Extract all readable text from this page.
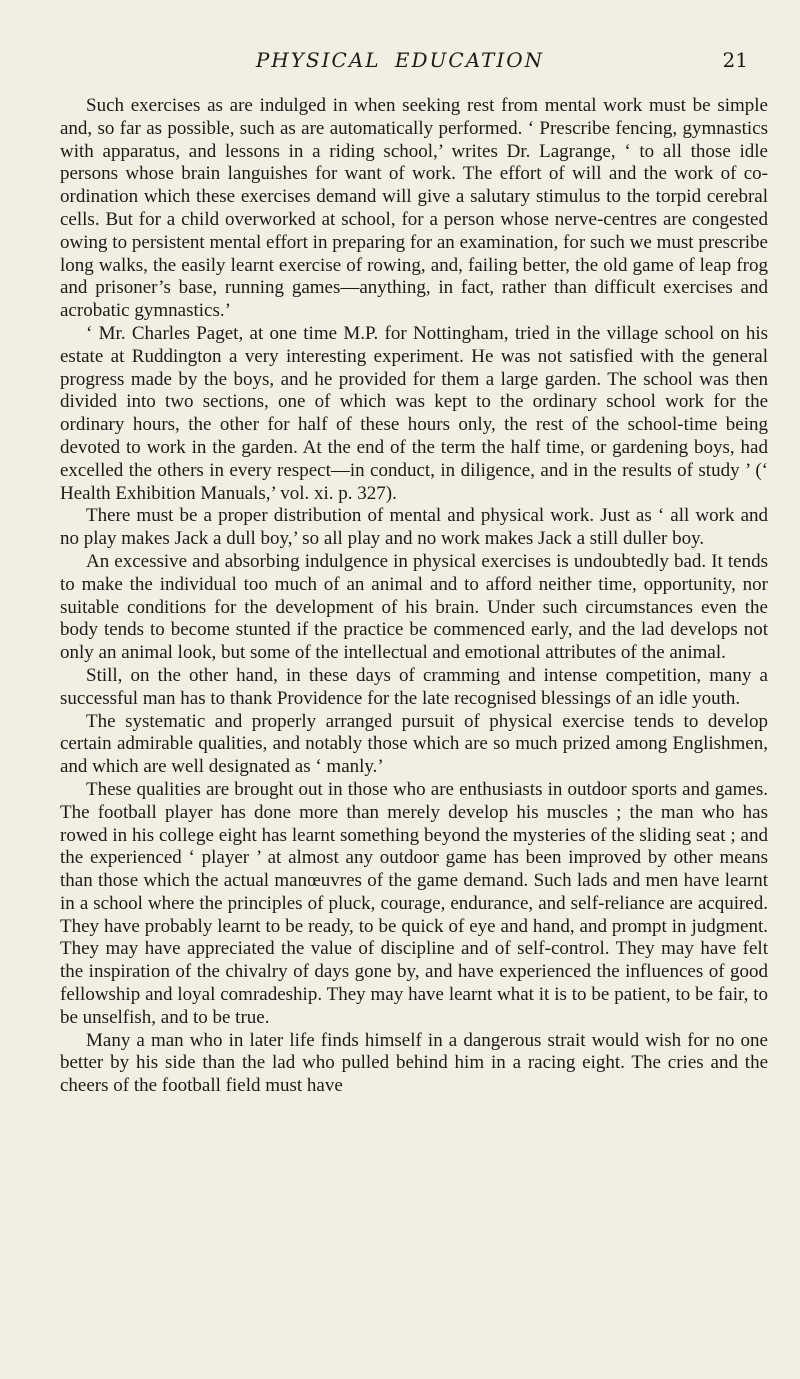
PHYSICAL EDUCATION	21

Such exercises as are indulged in when seeking rest from mental work must be simple and, so far as possible, such as are automatically performed. ‘ Prescribe fencing, gymnastics with apparatus, and lessons in a riding school,’ writes Dr. Lagrange, ‘ to all those idle persons whose brain languishes for want of work. The effort of will and the work of co-ordination which these exercises demand will give a salutary stimulus to the torpid cerebral cells. But for a child overworked at school, for a person whose nerve-centres are congested owing to persistent mental effort in preparing for an examination, for such we must prescribe long walks, the easily learnt exercise of rowing, and, failing better, the old game of leap frog and prisoner’s base, running games—anything, in fact, rather than difficult exercises and acrobatic gymnastics.’

‘ Mr. Charles Paget, at one time M.P. for Nottingham, tried in the village school on his estate at Ruddington a very interesting experiment. He was not satisfied with the general progress made by the boys, and he provided for them a large garden. The school was then divided into two sections, one of which was kept to the ordinary school work for the ordinary hours, the other for half of these hours only, the rest of the school-time being devoted to work in the garden. At the end of the term the half time, or gardening boys, had excelled the others in every respect—in conduct, in diligence, and in the results of study ’ (‘ Health Exhibition Manuals,’ vol. xi. p. 327).

There must be a proper distribution of mental and physical work. Just as ‘ all work and no play makes Jack a dull boy,’ so all play and no work makes Jack a still duller boy.

An excessive and absorbing indulgence in physical exercises is undoubtedly bad. It tends to make the individual too much of an animal and to afford neither time, opportunity, nor suitable conditions for the development of his brain. Under such circumstances even the body tends to become stunted if the practice be commenced early, and the lad develops not only an animal look, but some of the intellectual and emotional attributes of the animal.

Still, on the other hand, in these days of cramming and intense competition, many a successful man has to thank Providence for the late recognised blessings of an idle youth.

The systematic and properly arranged pursuit of physical exercise tends to develop certain admirable qualities, and notably those which are so much prized among Englishmen, and which are well designated as ‘ manly.’

These qualities are brought out in those who are enthusiasts in outdoor sports and games. The football player has done more than merely develop his muscles ; the man who has rowed in his college eight has learnt something beyond the mysteries of the sliding seat ; and the experienced ‘ player ’ at almost any outdoor game has been improved by other means than those which the actual manœuvres of the game demand. Such lads and men have learnt in a school where the principles of pluck, courage, endurance, and self-reliance are acquired. They have probably learnt to be ready, to be quick of eye and hand, and prompt in judgment. They may have appreciated the value of discipline and of self-control. They may have felt the inspiration of the chivalry of days gone by, and have experienced the influences of good fellowship and loyal comradeship. They may have learnt what it is to be patient, to be fair, to be unselfish, and to be true.

Many a man who in later life finds himself in a dangerous strait would wish for no one better by his side than the lad who pulled behind him in a racing eight. The cries and the cheers of the football field must have
